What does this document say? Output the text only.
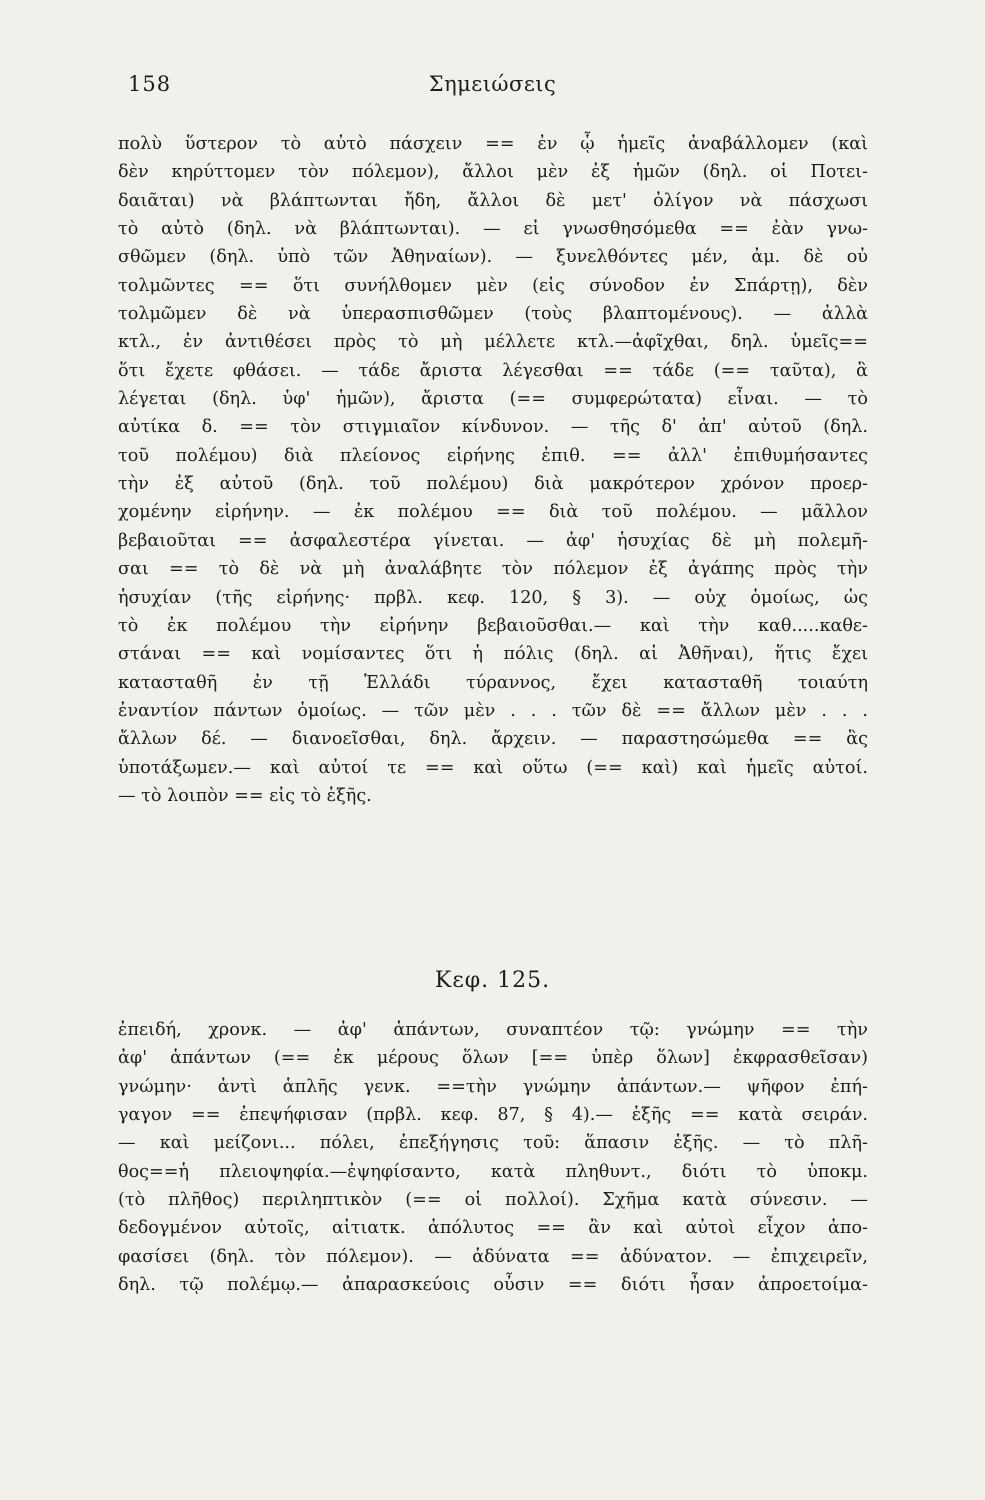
158	Σημειώσεις
πολὺ ὕστερον τὸ αὐτὸ πάσχειν == ἐν ᾧ ἡμεῖς ἀναβάλλομεν (καὶ
δὲν κηρύττομεν τὸν πόλεμον), ἄλλοι μὲν ἐξ ἡμῶν (δηλ. οἱ Ποτει-
δαιᾶται) νὰ βλάπτωνται ἤδη, ἄλλοι δὲ μετ' ὀλίγον νὰ πάσχωσι
τὸ αὐτὸ (δηλ. νὰ βλάπτωνται). — εἰ γνωσθησόμεθα == ἐὰν γνω-
σθῶμεν (δηλ. ὑπὸ τῶν Ἀθηναίων). — ξυνελθόντες μέν, ἀμ. δὲ οὐ
τολμῶντες == ὅτι συνήλθομεν μὲν (εἰς σύνοδον ἐν Σπάρτῃ), δὲν
τολμῶμεν δὲ νὰ ὑπερασπισθῶμεν (τοὺς βλαπτομένους). — ἀλλὰ
κτλ., ἐν ἀντιθέσει πρὸς τὸ μὴ μέλλετε κτλ.—ἀφῖχθαι, δηλ. ὑμεῖς==
ὅτι ἔχετε φθάσει. — τάδε ἄριστα λέγεσθαι == τάδε (== ταῦτα), ἃ
λέγεται (δηλ. ὑφ' ἡμῶν), ἄριστα (== συμφερώτατα) εἶναι. — τὸ
αὐτίκα δ. == τὸν στιγμιαῖον κίνδυνον. — τῆς δ' ἀπ' αὐτοῦ (δηλ.
τοῦ πολέμου) διὰ πλείονος εἰρήνης ἐπιθ. == ἀλλ' ἐπιθυμήσαντες
τὴν ἐξ αὐτοῦ (δηλ. τοῦ πολέμου) διὰ μακρότερον χρόνον προερ-
χομένην εἰρήνην. — ἐκ πολέμου == διὰ τοῦ πολέμου. — μᾶλλον
βεβαιοῦται == ἀσφαλεστέρα γίνεται. — ἀφ' ἡσυχίας δὲ μὴ πολεμῆ-
σαι == τὸ δὲ νὰ μὴ ἀναλάβητε τὸν πόλεμον ἐξ ἀγάπης πρὸς τὴν
ἡσυχίαν (τῆς εἰρήνης· πρβλ. κεφ. 120, § 3). — οὐχ ὁμοίως, ὡς
τὸ ἐκ πολέμου τὴν εἰρήνην βεβαιοῦσθαι.— καὶ τὴν καθ.....καθε-
στάναι == καὶ νομίσαντες ὅτι ἡ πόλις (δηλ. αἱ Ἀθῆναι), ἥτις ἔχει
κατασταθῆ ἐν τῇ Ἑλλάδι τύραννος, ἔχει κατασταθῆ τοιαύτη
ἐναντίον πάντων ὁμοίως. — τῶν μὲν . . . τῶν δὲ == ἄλλων μὲν . . .
ἄλλων δέ. — διανοεῖσθαι, δηλ. ἄρχειν. — παραστησώμεθα == ἂς
ὑποτάξωμεν.— καὶ αὐτοί τε == καὶ οὕτω (== καὶ) καὶ ἡμεῖς αὐτοί.
— τὸ λοιπὸν == εἰς τὸ ἑξῆς.
Κεφ. 125.
ἐπειδή, χρονκ. — ἀφ' ἁπάντων, συναπτέον τῷ: γνώμην == τὴν
ἀφ' ἁπάντων (== ἐκ μέρους ὅλων [== ὑπὲρ ὅλων] ἐκφρασθεῖσαν)
γνώμην· ἀντὶ ἁπλῆς γενκ. ==τὴν γνώμην ἁπάντων.— ψῆφον ἐπή-
γαγον == ἐπεψήφισαν (πρβλ. κεφ. 87, § 4).— ἑξῆς == κατὰ σειράν.
— καὶ μείζονι... πόλει, ἐπεξήγησις τοῦ: ἅπασιν ἑξῆς. — τὸ πλῆ-
θος==ἡ πλειοψηφία.—ἐψηφίσαντο, κατὰ πληθυντ., διότι τὸ ὑποκμ.
(τὸ πλῆθος) περιληπτικὸν (== οἱ πολλοί). Σχῆμα κατὰ σύνεσιν. —
δεδογμένον αὐτοῖς, αἰτιατκ. ἀπόλυτος == ἂν καὶ αὐτοὶ εἶχον ἀπο-
φασίσει (δηλ. τὸν πόλεμον). — ἀδύνατα == ἀδύνατον. — ἐπιχειρεῖν,
δηλ. τῷ πολέμῳ.— ἀπαρασκεύοις οὖσιν == διότι ἦσαν ἀπροετοίμα-
